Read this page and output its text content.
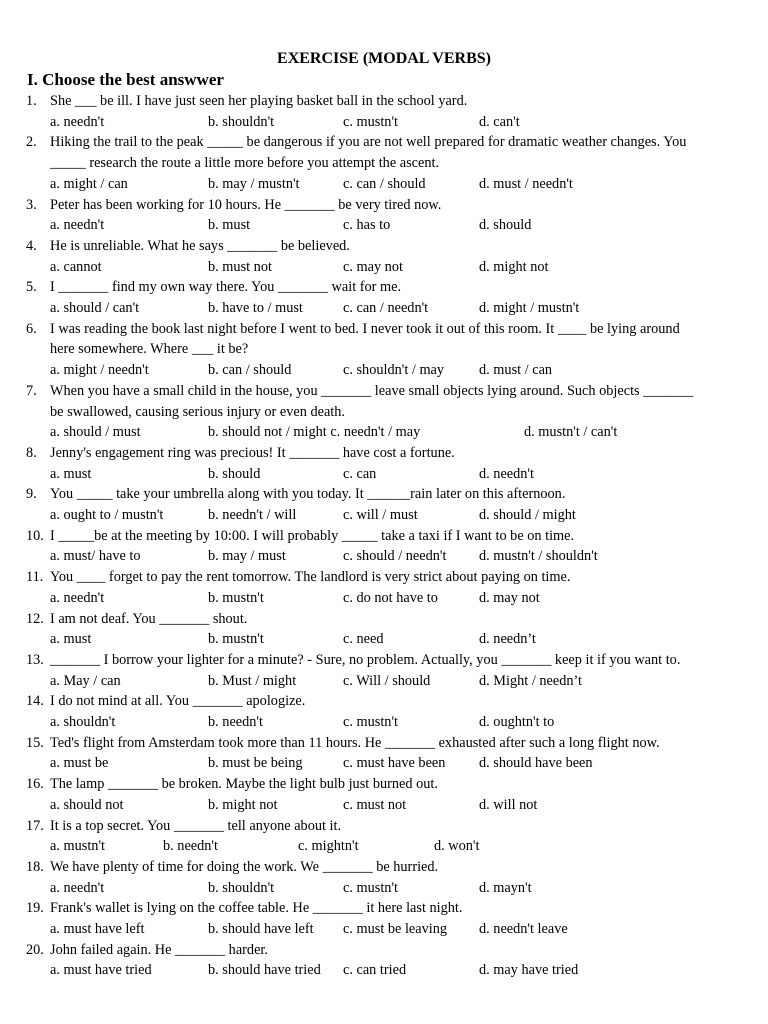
EXERCISE (MODAL VERBS)
I. Choose the best answwer
1. She ___ be ill. I have just seen her playing basket ball in the school yard.
a. needn't	b. shouldn't	c. mustn't	d. can't
2. Hiking the trail to the peak _____ be dangerous if you are not well prepared for dramatic weather changes. You
_____ research the route a little more before you attempt the ascent.
a. might / can	b. may / mustn't	c. can / should	d. must / needn't
3. Peter has been working for 10 hours. He _______ be very tired now.
a. needn't	b. must	c. has to	d. should
4. He is unreliable. What he says _______ be believed.
a. cannot	b. must not	c. may not	d. might not
5. I _______ find my own way there. You _______ wait for me.
a. should / can't	b. have to / must	c. can / needn't	d. might / mustn't
6. I was reading the book last night before I went to bed. I never took it out of this room. It ____ be lying around
here somewhere. Where ___ it be?
a. might / needn't	b. can / should	c. shouldn't / may d. must / can
7. When you have a small child in the house, you _______ leave small objects lying around. Such objects _______
be swallowed, causing serious injury or even death.
a. should / must	b. should not / might c. needn't / may	d. mustn't / can't
8. Jenny's engagement ring was precious! It _______ have cost a fortune.
a. must	b. should	c. can	d. needn't
9. You _____ take your umbrella along with you today. It ______rain later on this afternoon.
a. ought to / mustn't	b. needn't / will	c. will / must	d. should / might
10. I _____be at the meeting by 10:00. I will probably _____ take a taxi if I want to be on time.
a. must/ have to	b. may / must	c. should / needn't d. mustn't / shouldn't
11. You ____ forget to pay the rent tomorrow. The landlord is very strict about paying on time.
a. needn't	b. mustn't	c. do not have to	d. may not
12. I am not deaf. You _______ shout.
a. must	b. mustn't	c. need	d. needn’t
13. _______ I borrow your lighter for a minute? - Sure, no problem. Actually, you _______ keep it if you want to.
a. May / can	b. Must / might	c. Will / should	d. Might / needn’t
14. I do not mind at all. You _______ apologize.
a. shouldn't	b. needn't	c. mustn't	d. oughtn't to
15. Ted's flight from Amsterdam took more than 11 hours. He _______ exhausted after such a long flight now.
a. must be	b. must be being	c. must have been d. should have been
16. The lamp _______ be broken. Maybe the light bulb just burned out.
a. should not	b. might not	c. must not	d. will not
17. It is a top secret. You _______ tell anyone about it.
a. mustn't	b. needn't	c. mightn't	d. won't
18. We have plenty of time for doing the work. We _______ be hurried.
a. needn't	b. shouldn't	c. mustn't	d. mayn't
19. Frank's wallet is lying on the coffee table. He _______ it here last night.
a. must have left	b. should have left c. must be leaving d. needn't leave
20. John failed again. He _______ harder.
a. must have tried	b. should have tried c. can tried	d. may have tried
